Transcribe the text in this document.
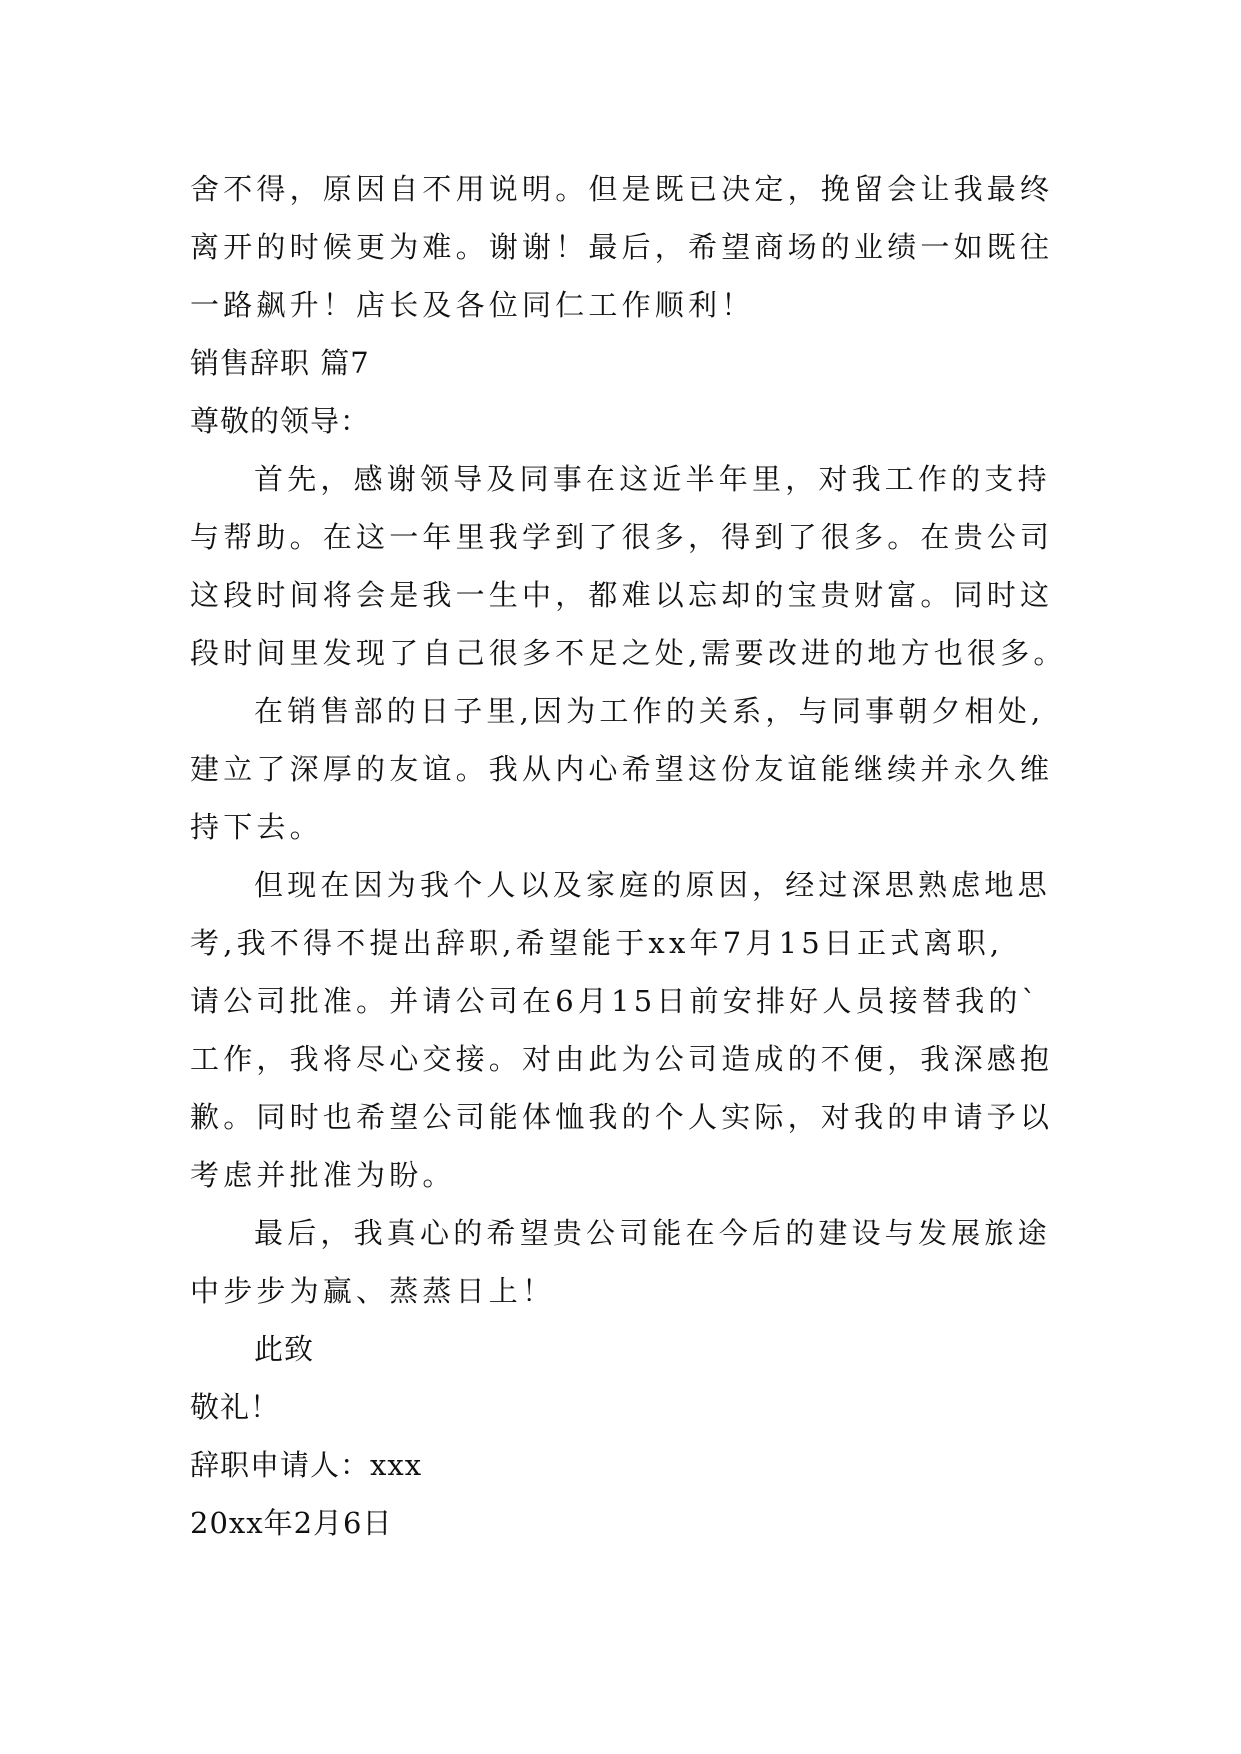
舍不得，原因自不用说明。但是既已决定，挽留会让我最终

离开的时候更为难。谢谢！最后，希望商场的业绩一如既往

一路飙升！店长及各位同仁工作顺利！

销售辞职 篇7

尊敬的领导：

首先，感谢领导及同事在这近半年里，对我工作的支持

与帮助。在这一年里我学到了很多，得到了很多。在贵公司

这段时间将会是我一生中，都难以忘却的宝贵财富。同时这

段时间里发现了自己很多不足之处,需要改进的地方也很多。

在销售部的日子里,因为工作的关系，与同事朝夕相处,

建立了深厚的友谊。我从内心希望这份友谊能继续并永久维

持下去。

但现在因为我个人以及家庭的原因，经过深思熟虑地思

考,我不得不提出辞职,希望能于xx年7月15日正式离职,

请公司批准。并请公司在6月15日前安排好人员接替我的`

工作，我将尽心交接。对由此为公司造成的不便，我深感抱

歉。同时也希望公司能体恤我的个人实际，对我的申请予以

考虑并批准为盼。

最后，我真心的希望贵公司能在今后的建设与发展旅途

中步步为赢、蒸蒸日上！

此致

敬礼！

辞职申请人：xxx

20xx年2月6日
